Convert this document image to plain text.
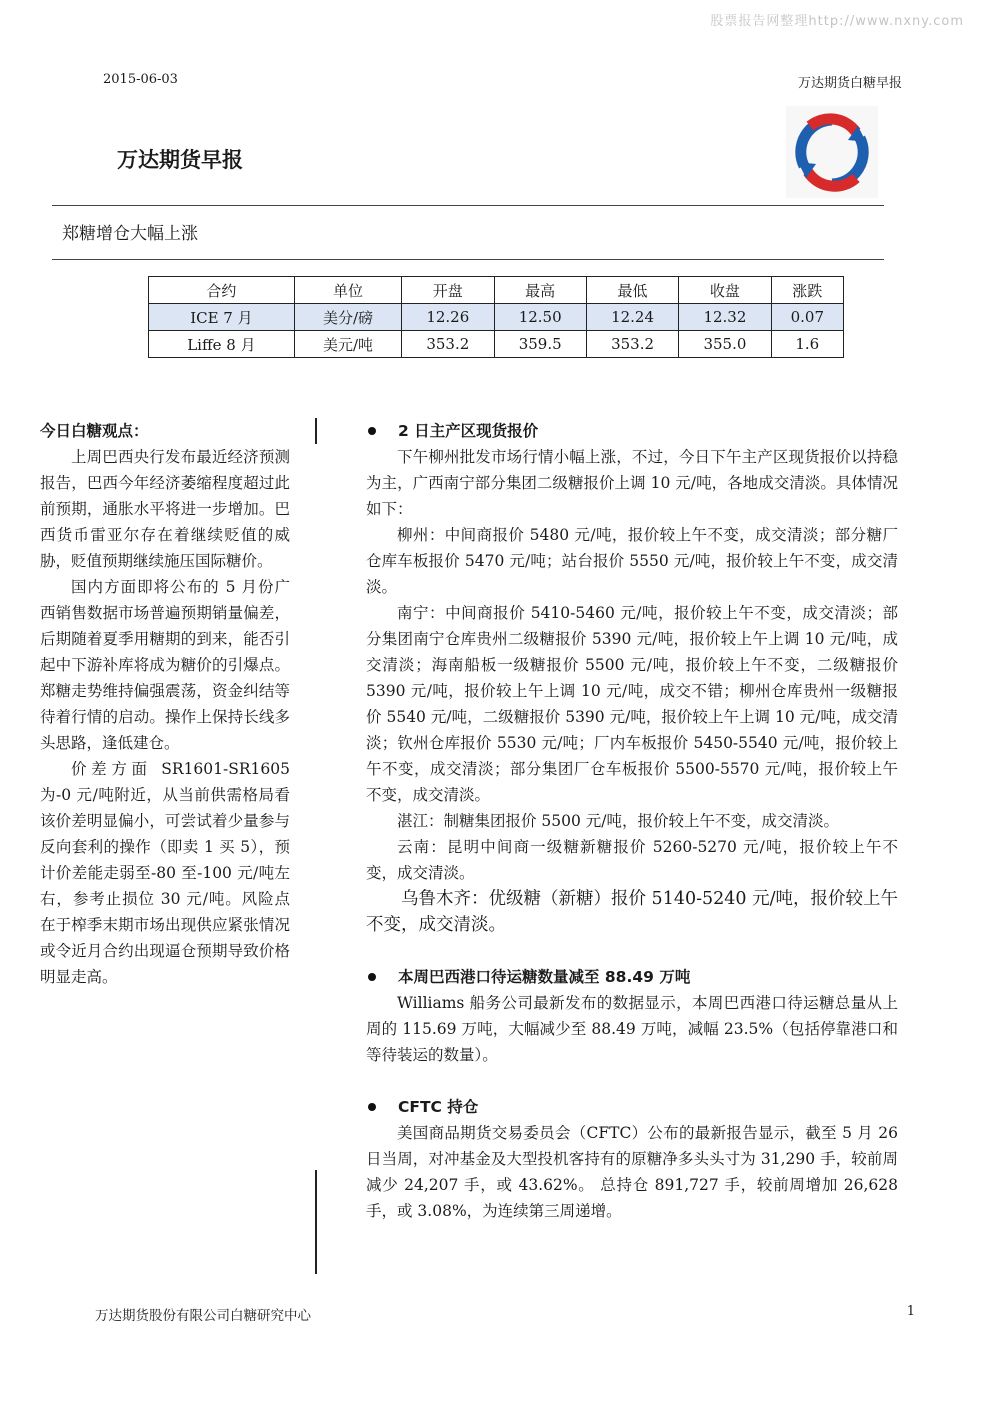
股票报告网整理http://www.nxny.com
2015-06-03	万达期货白糖早报
万达期货早报
郑糖增仓大幅上涨
合约	单位	开盘	最高	最低	收盘	涨跌
ICE 7 月	美分/磅	12.26	12.50	12.24	12.32	0.07
Liffe 8 月	美元/吨	353.2	359.5	353.2	355.0	1.6
今日白糖观点：

上周巴西央行发布最近经济预测报告，巴西今年经济萎缩程度超过此前预期，通胀水平将进一步增加。巴西货币雷亚尔存在着继续贬值的威胁，贬值预期继续施压国际糖价。

国内方面即将公布的 5 月份广西销售数据市场普遍预期销量偏差，后期随着夏季用糖期的到来，能否引起中下游补库将成为糖价的引爆点。郑糖走势维持偏强震荡，资金纠结等待着行情的启动。操作上保持长线多头思路，逢低建仓。

价差方面 SR1601-SR1605 为-0 元/吨附近，从当前供需格局看该价差明显偏小，可尝试着少量参与反向套利的操作（即卖 1 买 5），预计价差能走弱至-80 至-100 元/吨左右，参考止损位 30 元/吨。风险点在于榨季末期市场出现供应紧张情况或令近月合约出现逼仓预期导致价格明显走高。

2 日主产区现货报价

下午柳州批发市场行情小幅上涨，不过，今日下午主产区现货报价以持稳为主，广西南宁部分集团二级糖报价上调 10 元/吨，各地成交清淡。具体情况如下：

柳州：中间商报价 5480 元/吨，报价较上午不变，成交清淡；部分糖厂仓库车板报价 5470 元/吨；站台报价 5550 元/吨，报价较上午不变，成交清淡。

南宁：中间商报价 5410-5460 元/吨，报价较上午不变，成交清淡；部分集团南宁仓库贵州二级糖报价 5390 元/吨，报价较上午上调 10 元/吨，成交清淡；海南船板一级糖报价 5500 元/吨，报价较上午不变，二级糖报价 5390 元/吨，报价较上午上调 10 元/吨，成交不错；柳州仓库贵州一级糖报价 5540 元/吨，二级糖报价 5390 元/吨，报价较上午上调 10 元/吨，成交清淡；钦州仓库报价 5530 元/吨；厂内车板报价 5450-5540 元/吨，报价较上午不变，成交清淡；部分集团厂仓车板报价 5500-5570 元/吨，报价较上午不变，成交清淡。

湛江：制糖集团报价 5500 元/吨，报价较上午不变，成交清淡。

云南：昆明中间商一级糖新糖报价 5260-5270 元/吨，报价较上午不变，成交清淡。

乌鲁木齐：优级糖（新糖）报价 5140-5240 元/吨，报价较上午不变，成交清淡。

本周巴西港口待运糖数量减至 88.49 万吨

Williams 船务公司最新发布的数据显示，本周巴西港口待运糖总量从上周的 115.69 万吨，大幅减少至 88.49 万吨，减幅 23.5%（包括停靠港口和等待装运的数量）。

CFTC 持仓

美国商品期货交易委员会（CFTC）公布的最新报告显示，截至 5 月 26 日当周，对冲基金及大型投机客持有的原糖净多头头寸为 31,290 手，较前周减少 24,207 手，或 43.62%。 总持仓 891,727 手，较前周增加 26,628 手，或 3.08%，为连续第三周递增。

万达期货股份有限公司白糖研究中心	1
